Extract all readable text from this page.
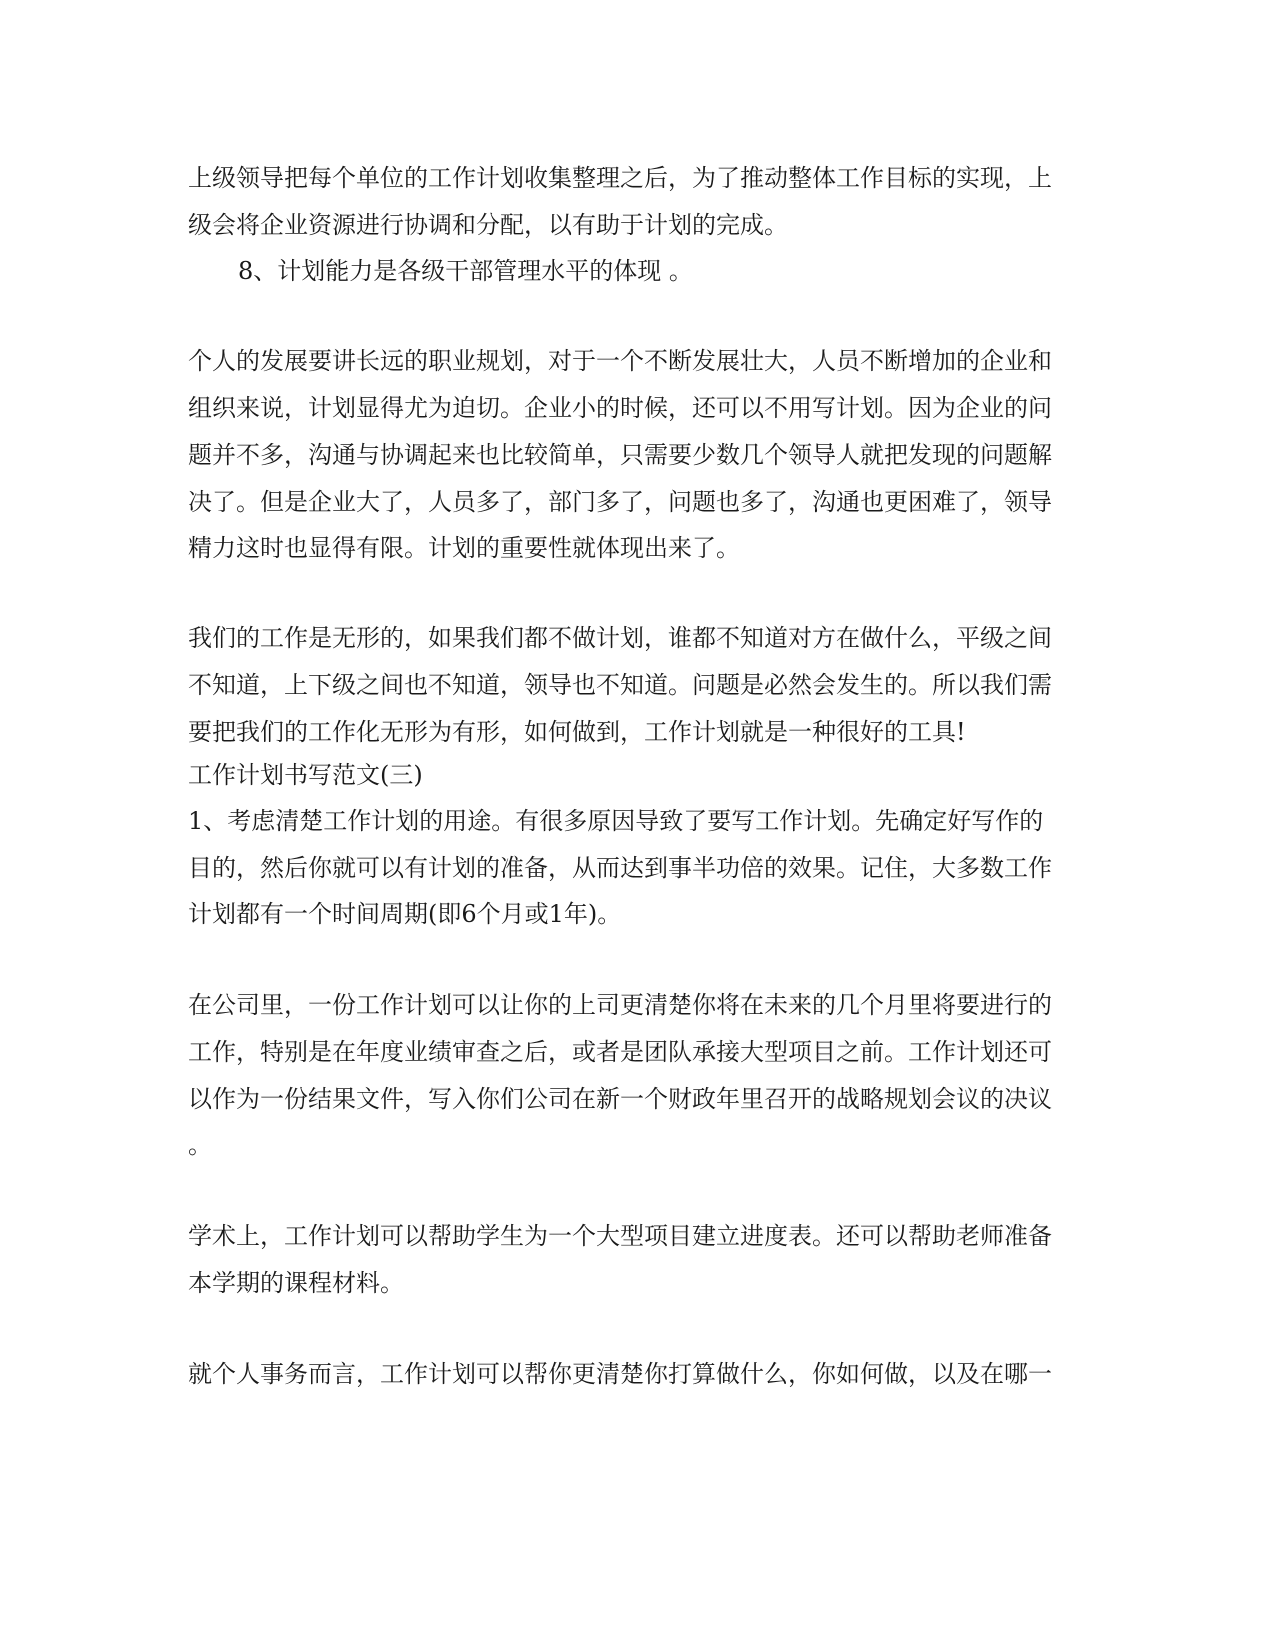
上级领导把每个单位的工作计划收集整理之后，为了推动整体工作目标的实现，上
级会将企业资源进行协调和分配，以有助于计划的完成。
8、计划能力是各级干部管理水平的体现 。
个人的发展要讲长远的职业规划，对于一个不断发展壮大，人员不断增加的企业和
组织来说，计划显得尤为迫切。企业小的时候，还可以不用写计划。因为企业的问
题并不多，沟通与协调起来也比较简单，只需要少数几个领导人就把发现的问题解
决了。但是企业大了，人员多了，部门多了，问题也多了，沟通也更困难了，领导
精力这时也显得有限。计划的重要性就体现出来了。
我们的工作是无形的，如果我们都不做计划，谁都不知道对方在做什么，平级之间
不知道，上下级之间也不知道，领导也不知道。问题是必然会发生的。所以我们需
要把我们的工作化无形为有形，如何做到，工作计划就是一种很好的工具!
工作计划书写范文(三)
1、考虑清楚工作计划的用途。有很多原因导致了要写工作计划。先确定好写作的
目的，然后你就可以有计划的准备，从而达到事半功倍的效果。记住，大多数工作
计划都有一个时间周期(即6个月或1年)。
在公司里，一份工作计划可以让你的上司更清楚你将在未来的几个月里将要进行的
工作，特别是在年度业绩审查之后，或者是团队承接大型项目之前。工作计划还可
以作为一份结果文件，写入你们公司在新一个财政年里召开的战略规划会议的决议
。
学术上，工作计划可以帮助学生为一个大型项目建立进度表。还可以帮助老师准备
本学期的课程材料。
就个人事务而言，工作计划可以帮你更清楚你打算做什么，你如何做，以及在哪一
